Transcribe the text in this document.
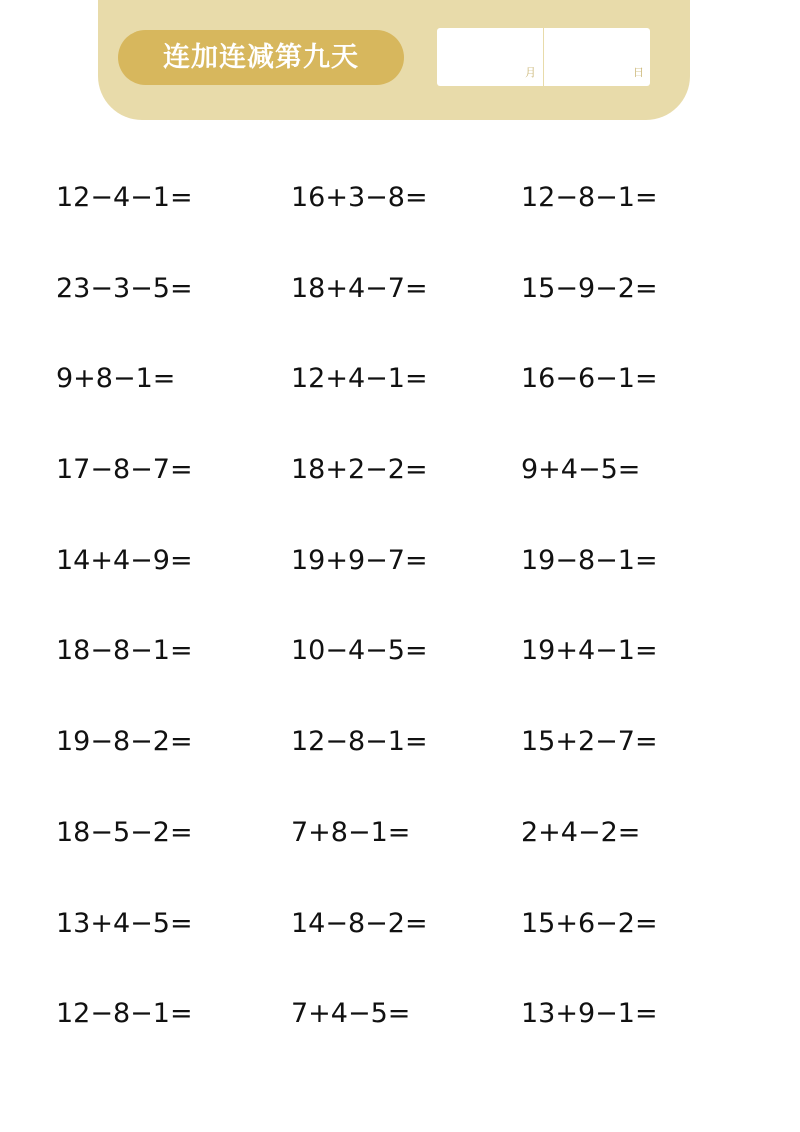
连加连减第九天	月	日
12−4−1=	16+3−8=	12−8−1=
23−3−5=	18+4−7=	15−9−2=
9+8−1=	12+4−1=	16−6−1=
17−8−7=	18+2−2=	9+4−5=
14+4−9=	19+9−7=	19−8−1=
18−8−1=	10−4−5=	19+4−1=
19−8−2=	12−8−1=	15+2−7=
18−5−2=	7+8−1=	2+4−2=
13+4−5=	14−8−2=	15+6−2=
12−8−1=	7+4−5=	13+9−1=
